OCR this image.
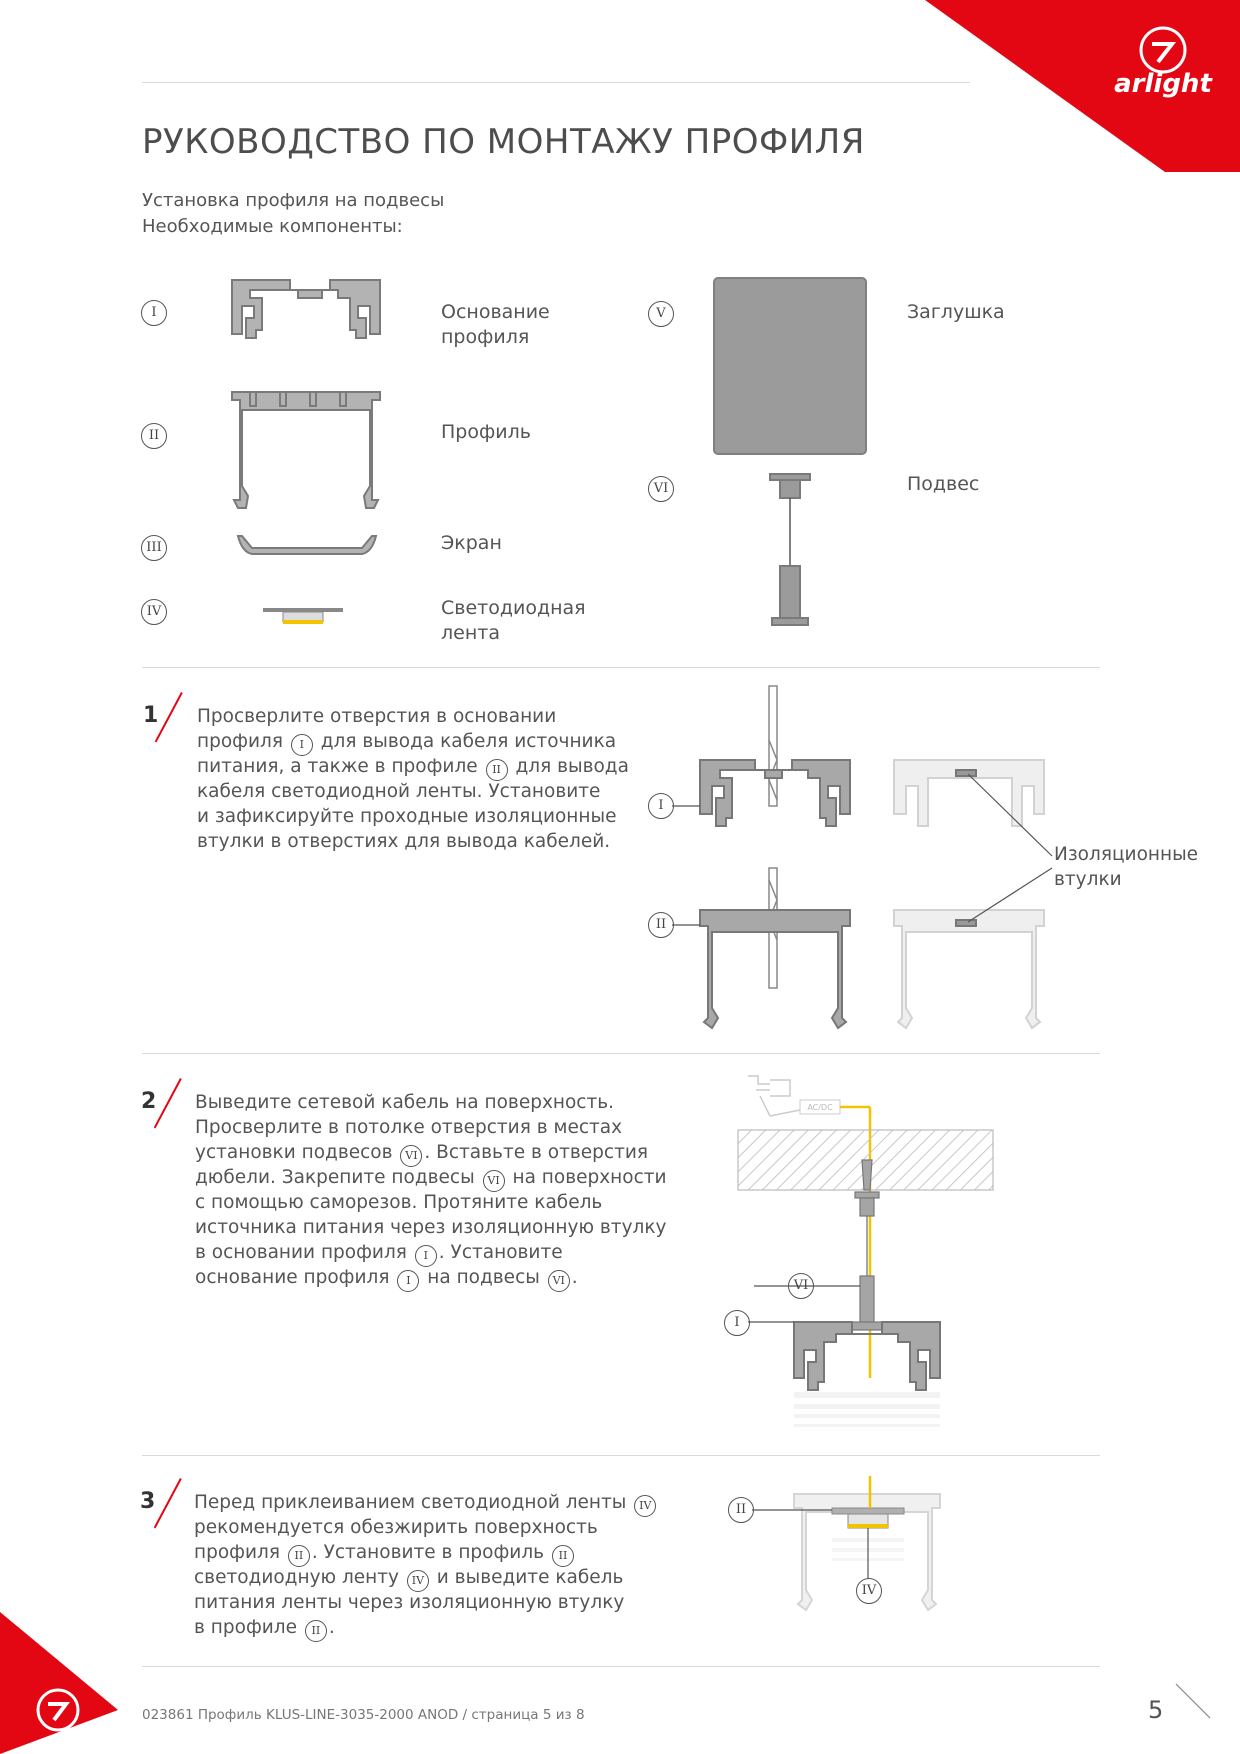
arlight
РУКОВОДСТВО ПО МОНТАЖУ ПРОФИЛЯ
Установка профиля на подвесы
Необходимые компоненты:
I
II
III
IV
V
VI
Основание
профиля
Профиль
Экран
Светодиодная
лента
Заглушка
Подвес
1 Просверлите отверстия в основании
профиля I для вывода кабеля источника
питания, а также в профиле II для вывода
кабеля светодиодной ленты. Установите
и зафиксируйте проходные изоляционные
втулки в отверстиях для вывода кабелей.
I
II
Изоляционные
втулки
2 Выведите сетевой кабель на поверхность.
Просверлите в потолке отверстия в местах
установки подвесов VI . Вставьте в отверстия
дюбели. Закрепите подвесы VI на поверхности
с помощью саморезов. Протяните кабель
источника питания через изоляционную втулку
в основании профиля I . Установите
основание профиля I на подвесы VI .
AC/DC
VI
I
3 Перед приклеиванием светодиодной ленты IV
рекомендуется обезжирить поверхность
профиля II . Установите в профиль II
светодиодную ленту IV и выведите кабель
питания ленты через изоляционную втулку
в профиле II .
II
IV
023861 Профиль KLUS-LINE-3035-2000 ANOD / страница 5 из 8	5
